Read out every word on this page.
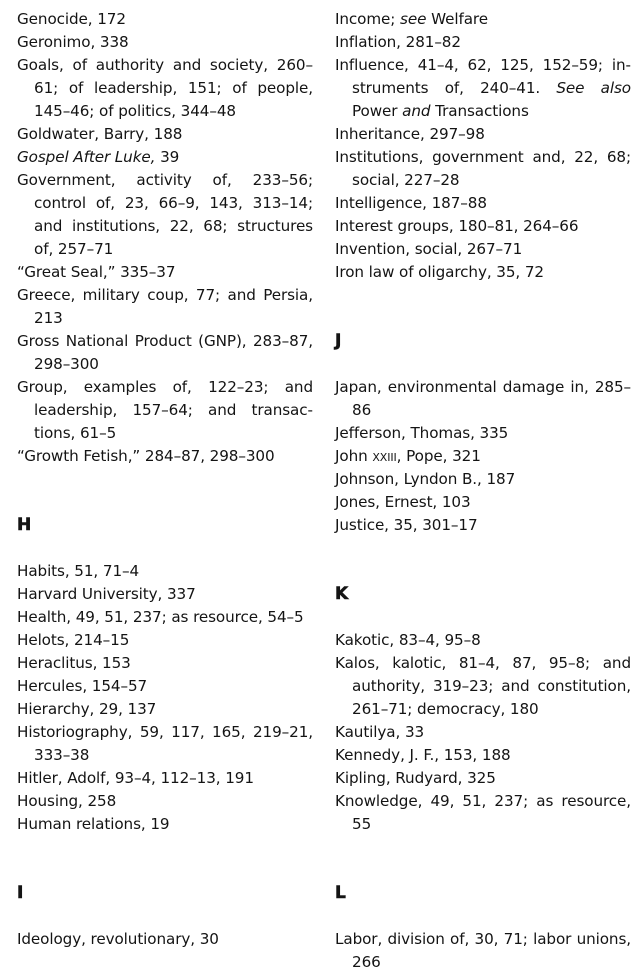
Genocide, 172
Geronimo, 338
Goals, of authority and society, 260–61; of leadership, 151; of people, 145–46; of politics, 344–48
Goldwater, Barry, 188
Gospel After Luke, 39
Government, activity of, 233–56; control of, 23, 66–9, 143, 313–14; and institutions, 22, 68; structures of, 257–71
“Great Seal,” 335–37
Greece, military coup, 77; and Persia, 213
Gross National Product (GNP), 283–87, 298–300
Group, examples of, 122–23; and leadership, 157–64; and transactions, 61–5
“Growth Fetish,” 284–87, 298–300
H
Habits, 51, 71–4
Harvard University, 337
Health, 49, 51, 237; as resource, 54–5
Helots, 214–15
Heraclitus, 153
Hercules, 154–57
Hierarchy, 29, 137
Historiography, 59, 117, 165, 219–21, 333–38
Hitler, Adolf, 93–4, 112–13, 191
Housing, 258
Human relations, 19
I
Ideology, revolutionary, 30
Income; see Welfare
Inflation, 281–82
Influence, 41–4, 62, 125, 152–59; instruments of, 240–41. See also Power and Transactions
Inheritance, 297–98
Institutions, government and, 22, 68; social, 227–28
Intelligence, 187–88
Interest groups, 180–81, 264–66
Invention, social, 267–71
Iron law of oligarchy, 35, 72
J
Japan, environmental damage in, 285–86
Jefferson, Thomas, 335
John xxiii, Pope, 321
Johnson, Lyndon B., 187
Jones, Ernest, 103
Justice, 35, 301–17
K
Kakotic, 83–4, 95–8
Kalos, kalotic, 81–4, 87, 95–8; and authority, 319–23; and constitution, 261–71; democracy, 180
Kautilya, 33
Kennedy, J. F., 153, 188
Kipling, Rudyard, 325
Knowledge, 49, 51, 237; as resource, 55
L
Labor, division of, 30, 71; labor unions, 266
